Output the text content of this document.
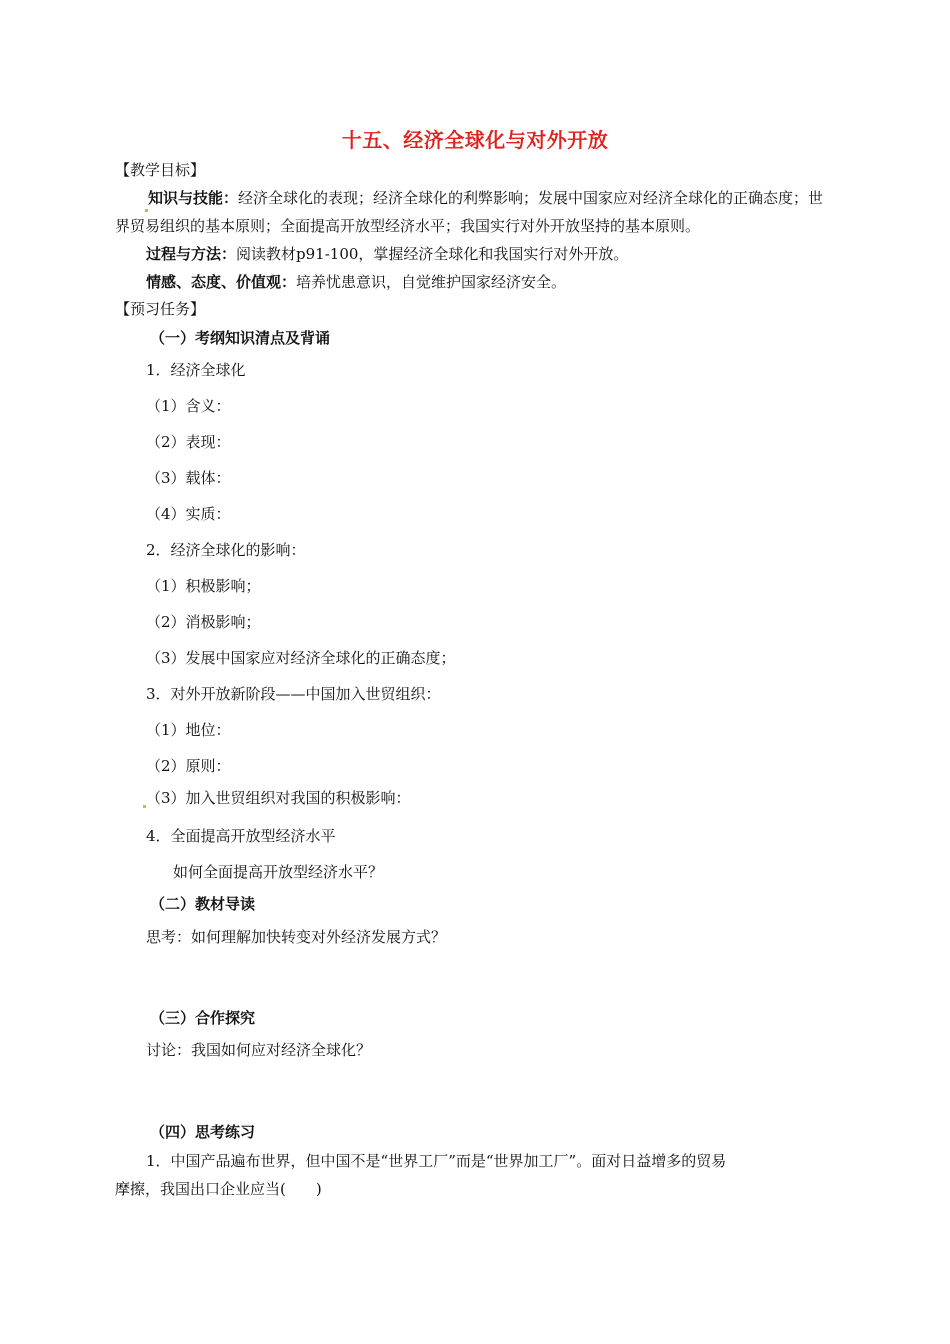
十五、经济全球化与对外开放
【教学目标】
知识与技能：经济全球化的表现；经济全球化的利弊影响；发展中国家应对经济全球化的正确态度；世界贸易组织的基本原则；全面提高开放型经济水平；我国实行对外开放坚持的基本原则。
过程与方法：阅读教材p91-100，掌握经济全球化和我国实行对外开放。
情感、态度、价值观：培养忧患意识，自觉维护国家经济安全。
【预习任务】
（一）考纲知识清点及背诵
1．经济全球化
（1）含义：
（2）表现：
（3）载体：
（4）实质：
2．经济全球化的影响：
（1）积极影响；
（2）消极影响；
（3）发展中国家应对经济全球化的正确态度；
3．对外开放新阶段——中国加入世贸组织：
（1）地位：
（2）原则：
（3）加入世贸组织对我国的积极影响：
4．全面提高开放型经济水平
如何全面提高开放型经济水平？
（二）教材导读
思考：如何理解加快转变对外经济发展方式？
（三）合作探究
讨论：我国如何应对经济全球化？
（四）思考练习
1．中国产品遍布世界，但中国不是“世界工厂”而是“世界加工厂”。面对日益增多的贸易
摩擦，我国出口企业应当(　　)
